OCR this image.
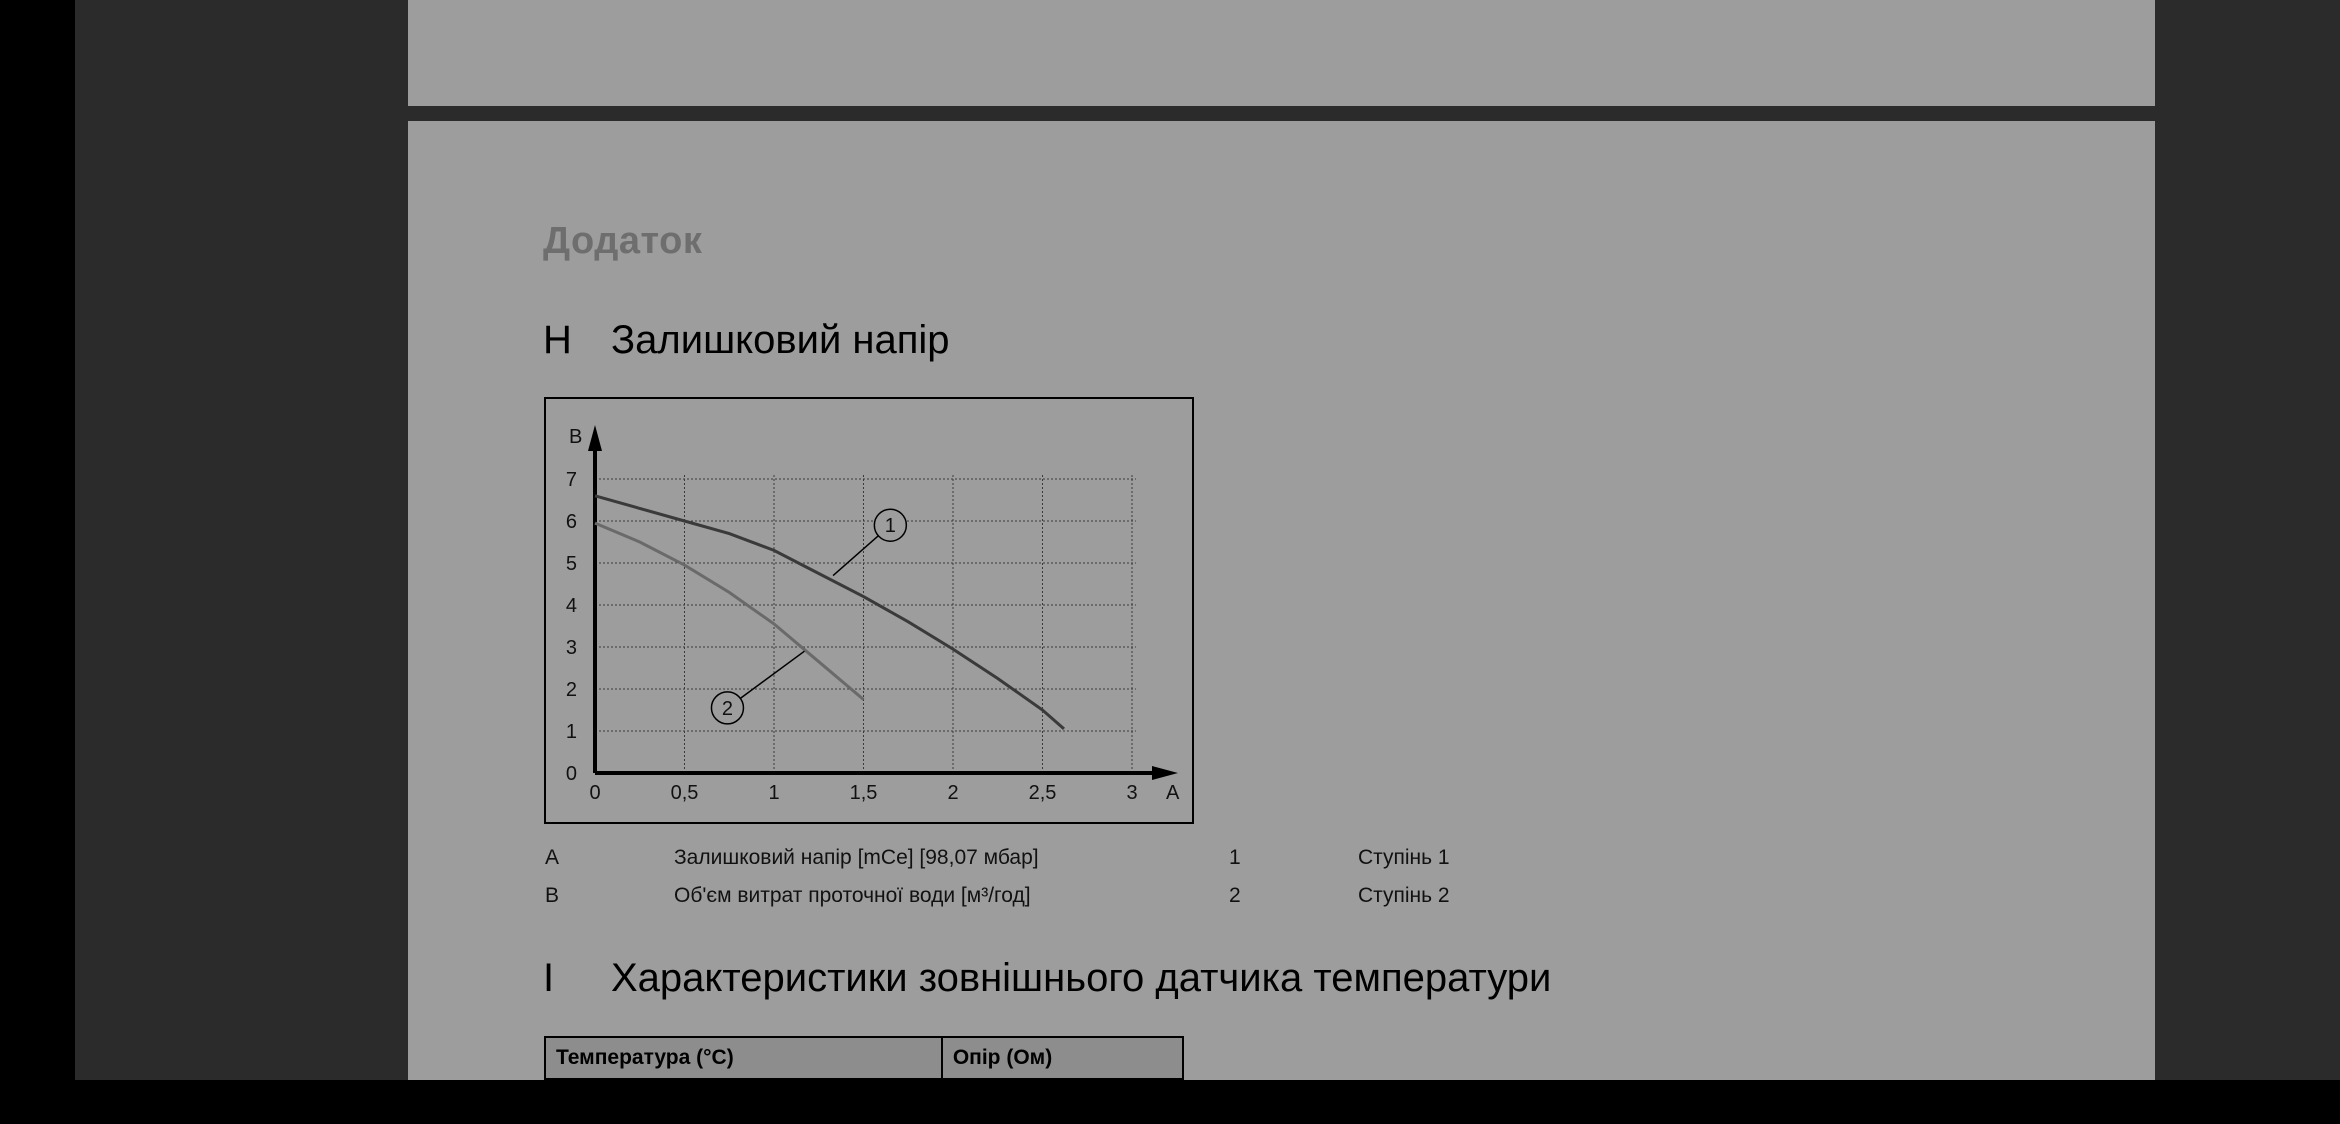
Додаток
H Залишковий напір
0	0,5	1	1,5	2	2,5	3
0
1
2
3
4
5
6
7
A
B
1
2
A	Залишковий напір [mCe] [98,07 мбар]	1	Ступінь 1
B	Об'єм витрат проточної води [м³/год]	2	Ступінь 2
I Характеристики зовнішнього датчика температури
Температура (°C)	Опір (Ом)
